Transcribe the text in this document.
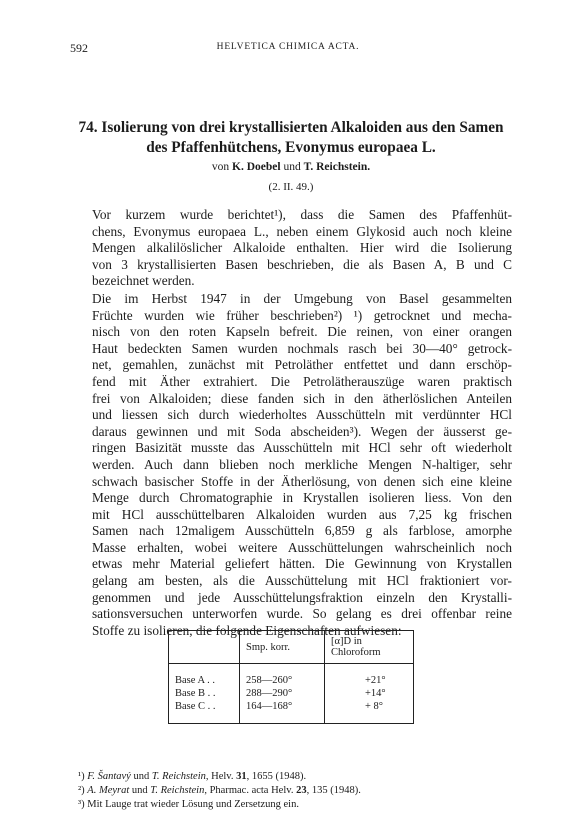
592	HELVETICA CHIMICA ACTA.
74. Isolierung von drei krystallisierten Alkaloiden aus den Samen
des Pfaffenhütchens, Evonymus europaea L.
von K. Doebel und T. Reichstein.
(2. II. 49.)

Vor kurzem wurde berichtet¹), dass die Samen des Pfaffenhüt-
chens, Evonymus europaea L., neben einem Glykosid auch noch kleine
Mengen alkalilöslicher Alkaloide enthalten. Hier wird die Isolierung
von 3 krystallisierten Basen beschrieben, die als Basen A, B und C
bezeichnet werden.

Die im Herbst 1947 in der Umgebung von Basel gesammelten
Früchte wurden wie früher beschrieben²) ¹) getrocknet und mecha-
nisch von den roten Kapseln befreit. Die reinen, von einer orangen
Haut bedeckten Samen wurden nochmals rasch bei 30—40° getrock-
net, gemahlen, zunächst mit Petroläther entfettet und dann erschöp-
fend mit Äther extrahiert. Die Petrolätherauszüge waren praktisch
frei von Alkaloiden; diese fanden sich in den ätherlöslichen Anteilen
und liessen sich durch wiederholtes Ausschütteln mit verdünnter HCl
daraus gewinnen und mit Soda abscheiden³). Wegen der äusserst ge-
ringen Basizität musste das Ausschütteln mit HCl sehr oft wiederholt
werden. Auch dann blieben noch merkliche Mengen N-haltiger, sehr
schwach basischer Stoffe in der Ätherlösung, von denen sich eine kleine
Menge durch Chromatographie in Krystallen isolieren liess. Von den
mit HCl ausschüttelbaren Alkaloiden wurden aus 7,25 kg frischen
Samen nach 12maligem Ausschütteln 6,859 g als farblose, amorphe
Masse erhalten, wobei weitere Ausschüttelungen wahrscheinlich noch
etwas mehr Material geliefert hätten. Die Gewinnung von Krystallen
gelang am besten, als die Ausschüttelung mit HCl fraktioniert vor-
genommen und jede Ausschüttelungsfraktion einzeln den Krystalli-
sationsversuchen unterworfen wurde. So gelang es drei offenbar reine
Stoffe zu isolieren, die folgende Eigenschaften aufwiesen:

	Smp. korr.	[α]D in Chloroform
Base A . .	258—260°	+21°
Base B . .	288—290°	+14°
Base C . .	164—168°	+ 8°
¹) F. Šantavý und T. Reichstein, Helv. 31, 1655 (1948).
²) A. Meyrat und T. Reichstein, Pharmac. acta Helv. 23, 135 (1948).
³) Mit Lauge trat wieder Lösung und Zersetzung ein.
